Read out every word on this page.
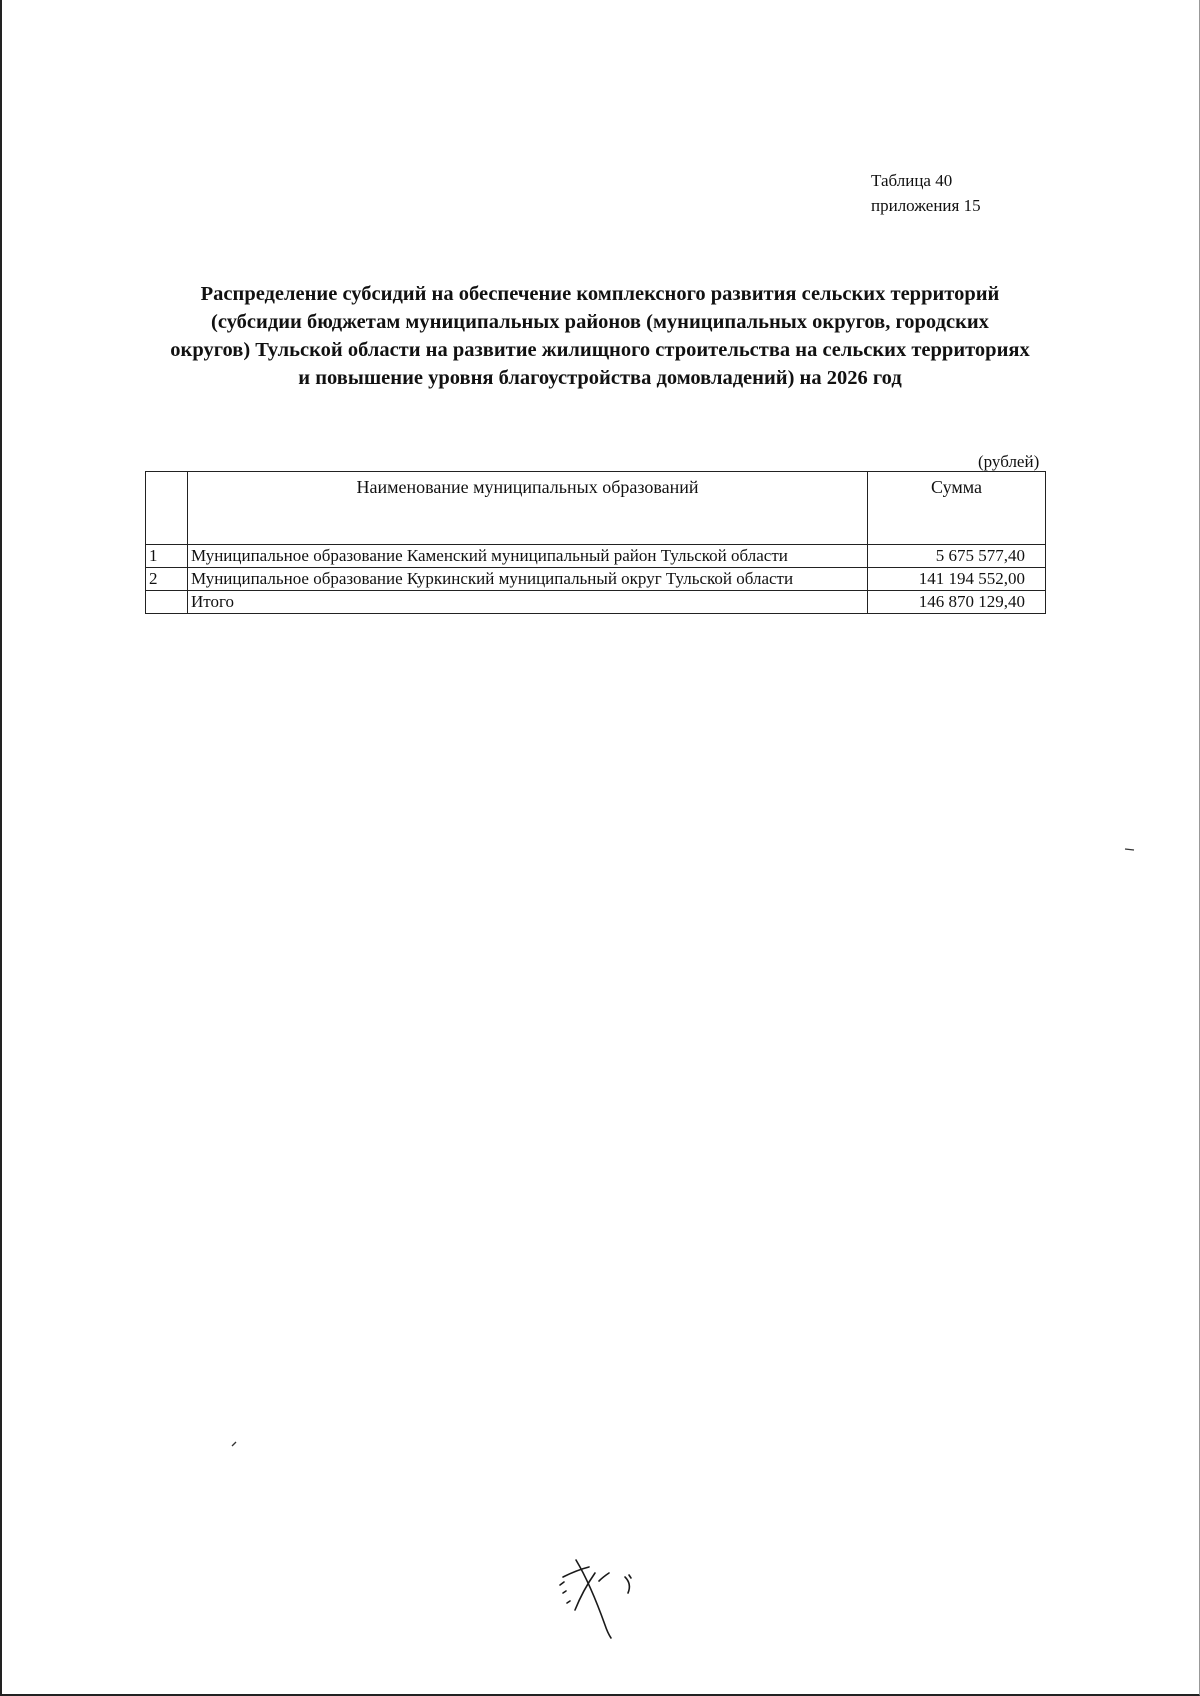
Таблица 40
приложения 15
Распределение субсидий на обеспечение комплексного развития сельских территорий
(субсидии бюджетам муниципальных районов (муниципальных округов, городских
округов) Тульской области на развитие жилищного строительства на сельских территориях
и повышение уровня благоустройства домовладений) на 2026 год
(рублей)
	Наименование муниципальных образований	Сумма
1	Муниципальное образование Каменский муниципальный район Тульской области	5 675 577,40
2	Муниципальное образование Куркинский муниципальный округ Тульской области	141 194 552,00
	Итого	146 870 129,40
